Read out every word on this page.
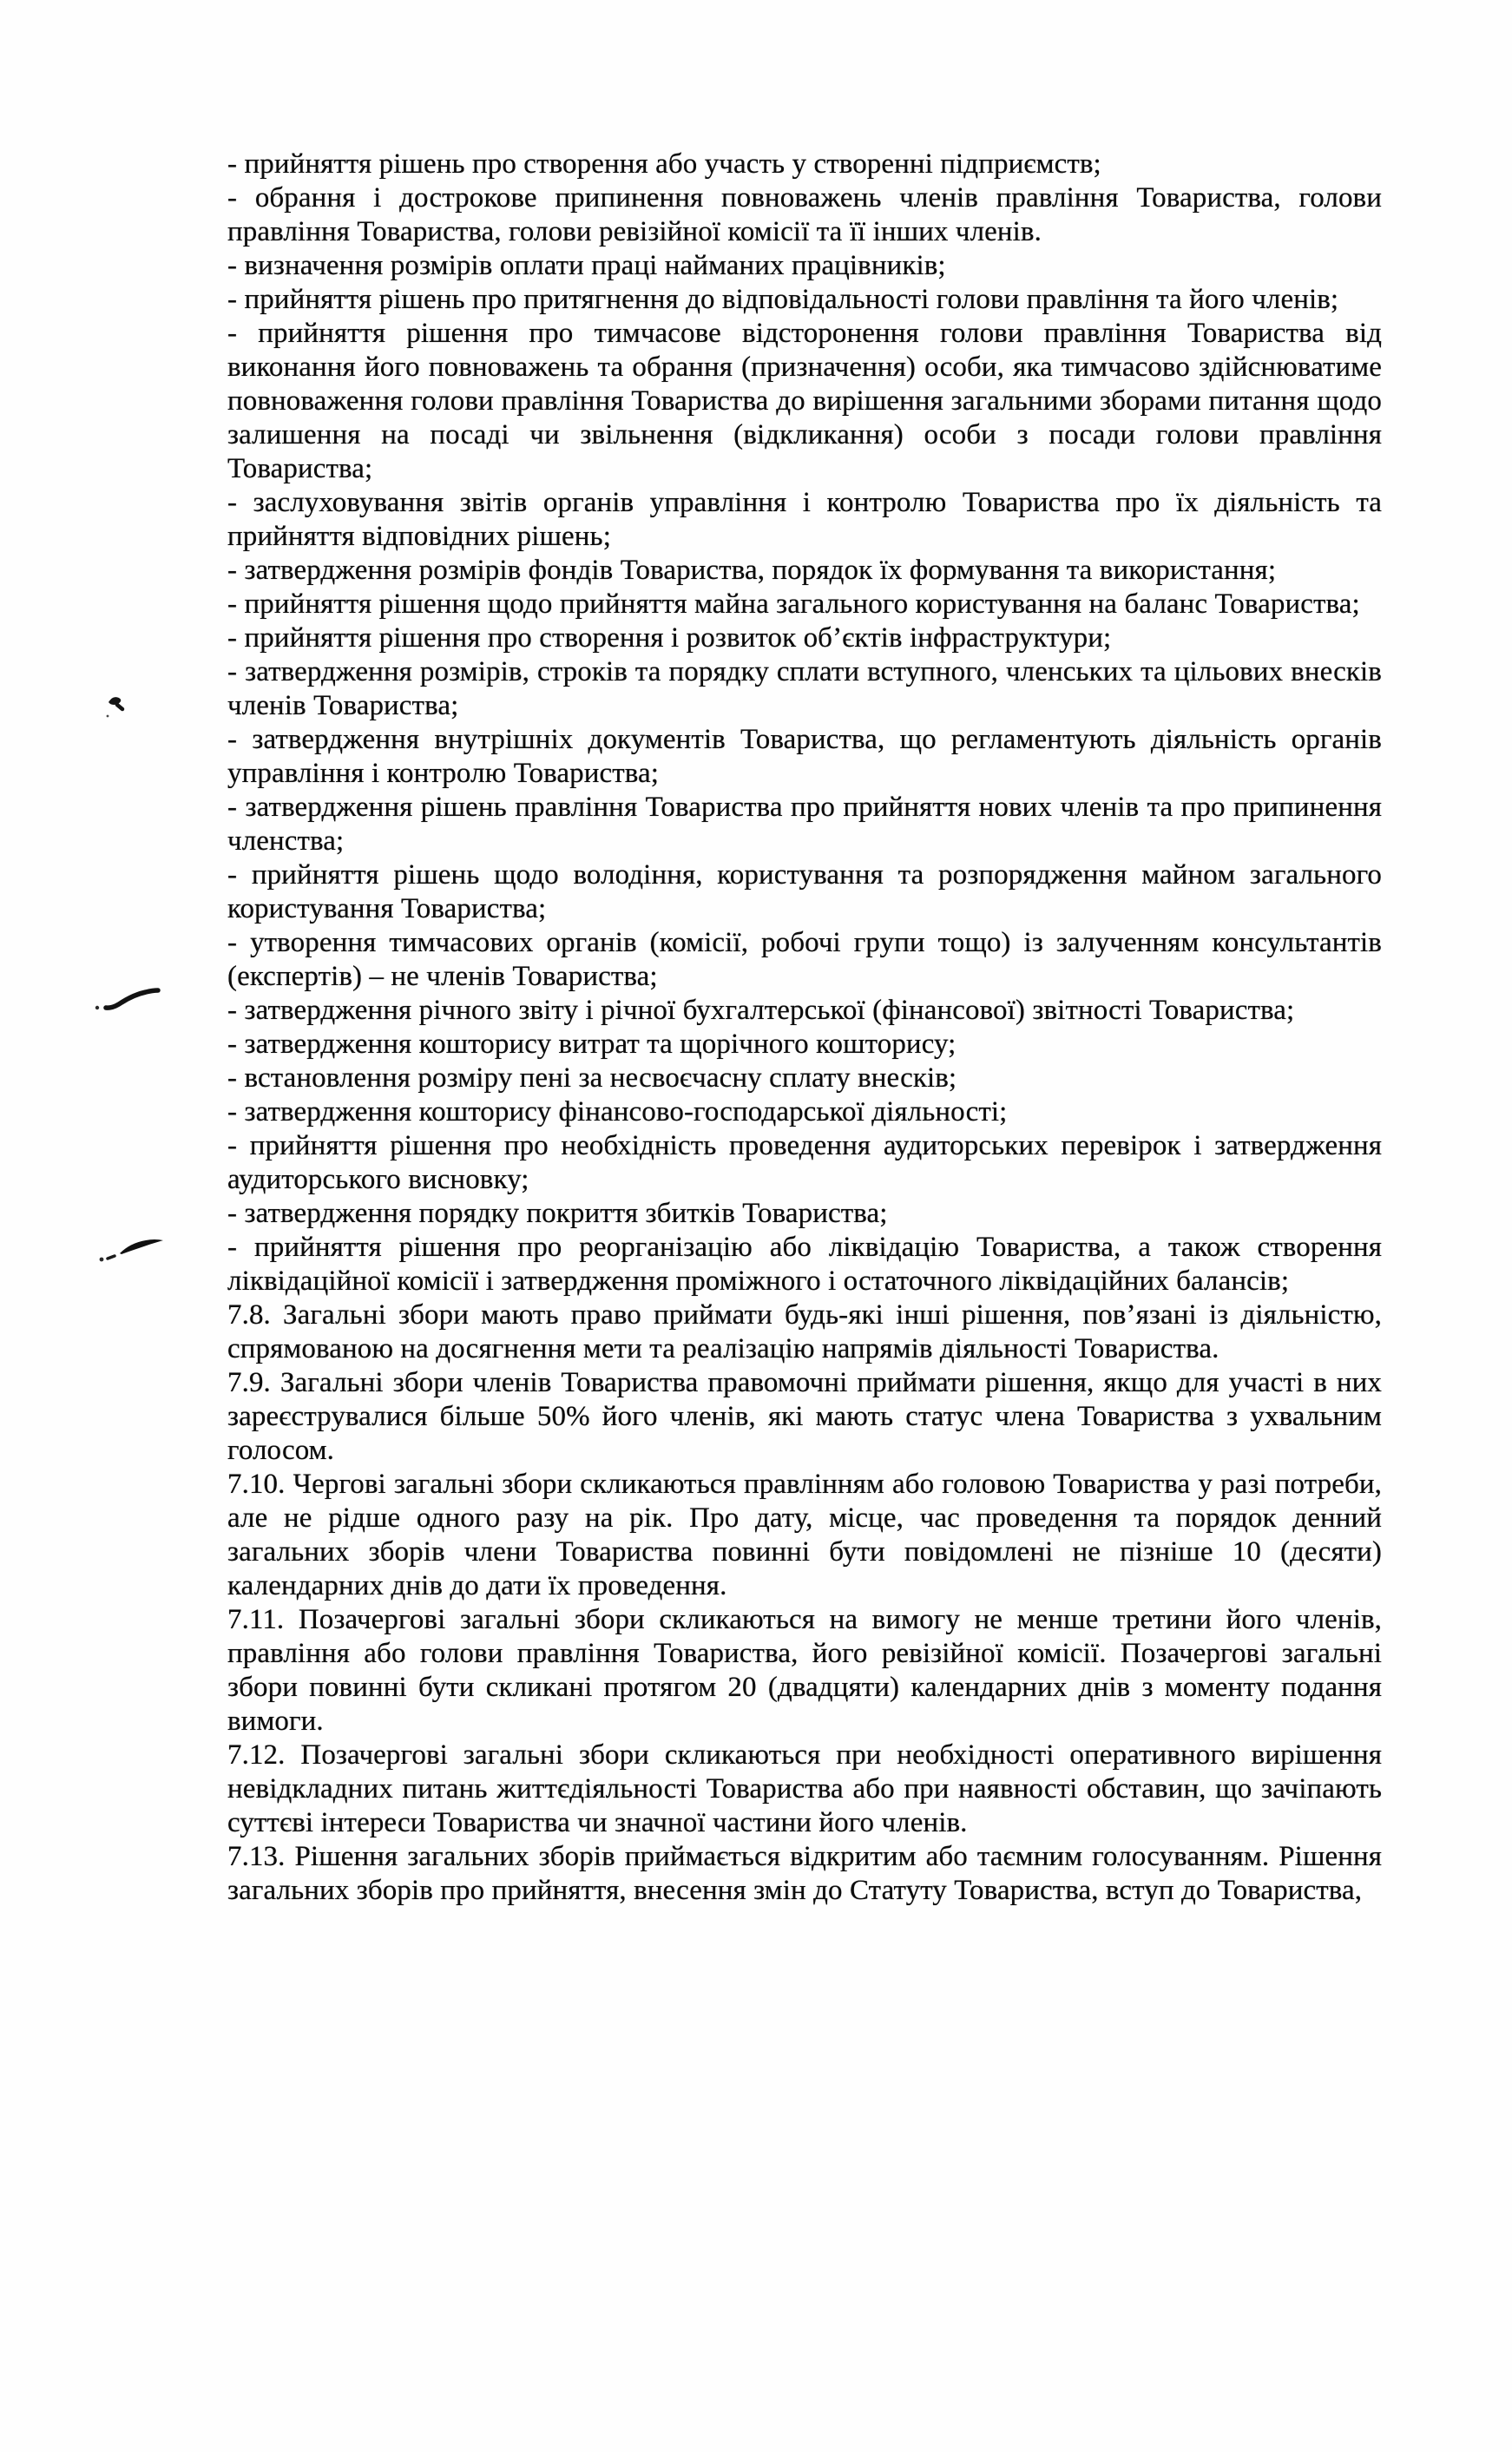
- прийняття рішень про створення або участь у створенні підприємств;

- обрання і дострокове припинення повноважень членів правління Товариства, голови правління Товариства, голови ревізійної комісії та її інших членів.

- визначення розмірів оплати праці найманих працівників;

- прийняття рішень про притягнення до відповідальності голови правління та його членів;

- прийняття рішення про тимчасове відсторонення голови правління Товариства від виконання його повноважень та обрання (призначення) особи, яка тимчасово здійснюватиме повноваження голови правління Товариства до вирішення загальними зборами питання щодо залишення на посаді чи звільнення (відкликання) особи з посади голови правління Товариства;

- заслуховування звітів органів управління і контролю Товариства про їх діяльність та прийняття відповідних рішень;

- затвердження розмірів фондів Товариства, порядок їх формування та використання;

- прийняття рішення щодо прийняття майна загального користування на баланс Товариства;

- прийняття рішення про створення і розвиток об’єктів інфраструктури;

- затвердження розмірів, строків та порядку сплати вступного, членських та цільових внесків членів Товариства;

- затвердження внутрішніх документів Товариства, що регламентують діяльність органів управління і контролю Товариства;

- затвердження рішень правління Товариства про прийняття нових членів та про припинення членства;

- прийняття рішень щодо володіння, користування та розпорядження майном загального користування Товариства;

- утворення тимчасових органів (комісії, робочі групи тощо) із залученням консультантів (експертів) – не членів Товариства;

- затвердження річного звіту і річної бухгалтерської (фінансової) звітності Товариства;

- затвердження кошторису витрат та щорічного кошторису;

- встановлення розміру пені за несвоєчасну сплату внесків;

- затвердження кошторису фінансово-господарської діяльності;

- прийняття рішення про необхідність проведення аудиторських перевірок і затвердження аудиторського висновку;

- затвердження порядку покриття збитків Товариства;

- прийняття рішення про реорганізацію або ліквідацію Товариства, а також створення ліквідаційної комісії і затвердження проміжного і остаточного ліквідаційних балансів;

7.8. Загальні збори мають право приймати будь-які інші рішення, пов’язані із діяльністю, спрямованою на досягнення мети та реалізацію напрямів діяльності Товариства.

7.9. Загальні збори членів Товариства правомочні приймати рішення, якщо для участі в них зареєструвалися більше 50% його членів, які мають статус члена Товариства з ухвальним голосом.

7.10. Чергові загальні збори скликаються правлінням або головою Товариства у разі потреби, але не рідше одного разу на рік. Про дату, місце, час проведення та порядок денний загальних зборів члени Товариства повинні бути повідомлені не пізніше 10 (десяти) календарних днів до дати їх проведення.

7.11. Позачергові загальні збори скликаються на вимогу не менше третини його членів, правління або голови правління Товариства, його ревізійної комісії. Позачергові загальні збори повинні бути скликані протягом 20 (двадцяти) календарних днів з моменту подання вимоги.

7.12. Позачергові загальні збори скликаються при необхідності оперативного вирішення невідкладних питань життєдіяльності Товариства або при наявності обставин, що зачіпають суттєві інтереси Товариства чи значної частини його членів.

7.13. Рішення загальних зборів приймається відкритим або таємним голосуванням. Рішення загальних зборів про прийняття, внесення змін до Статуту Товариства, вступ до Товариства,
